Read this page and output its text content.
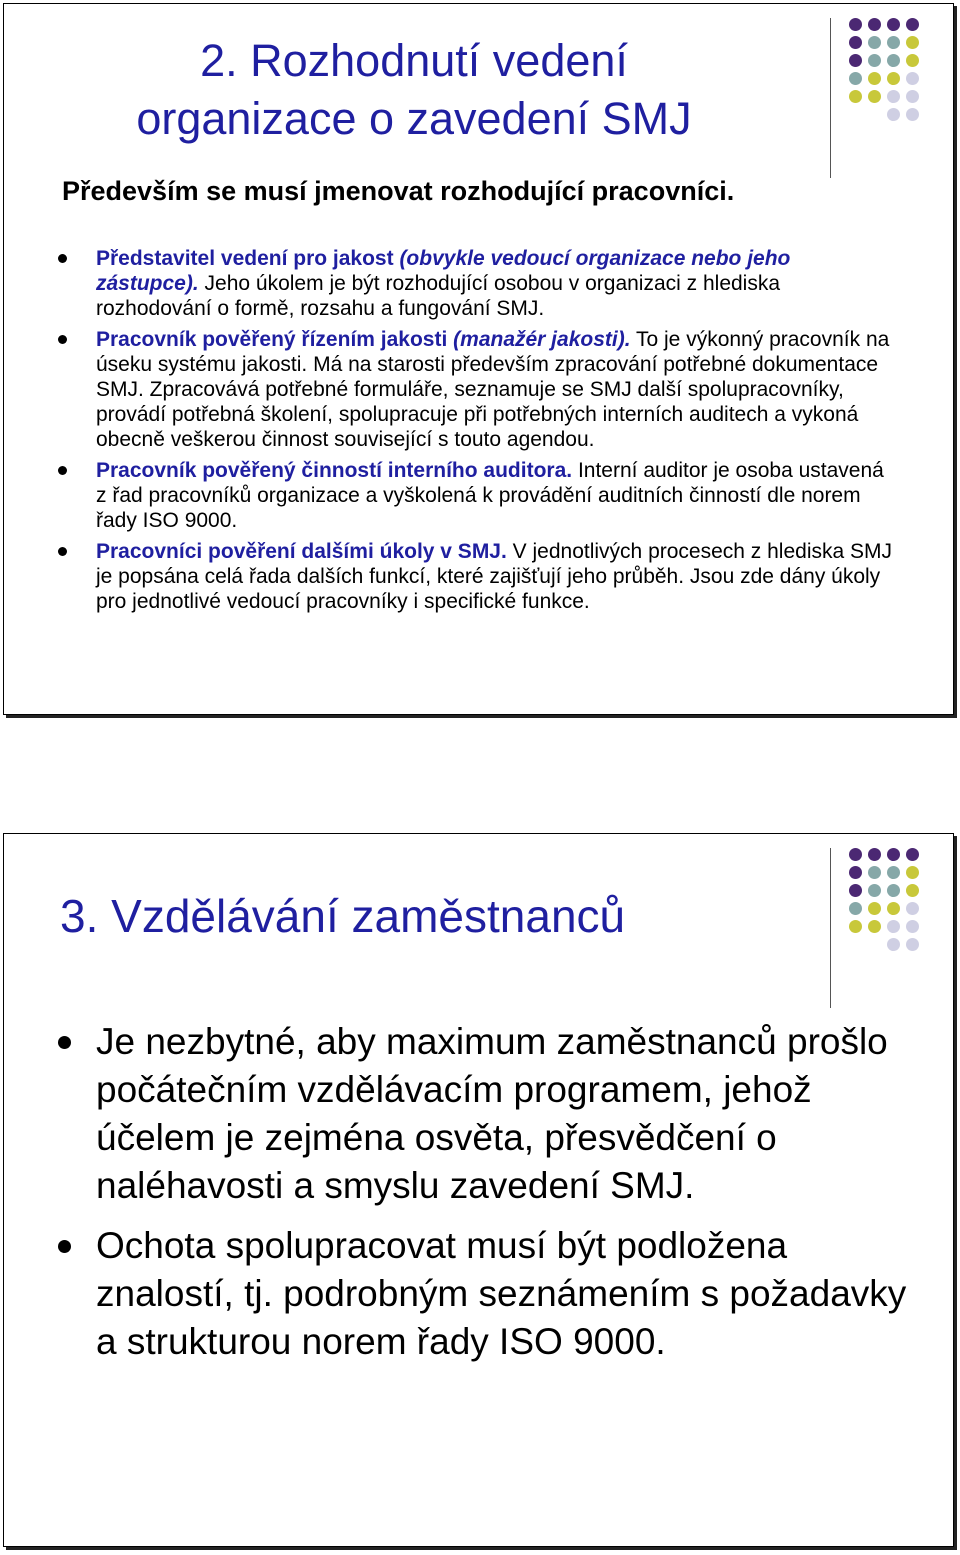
2. Rozhodnutí vedení
organizace o zavedení SMJ
Především se musí jmenovat rozhodující pracovníci.
Představitel vedení pro jakost (obvykle vedoucí organizace nebo jeho zástupce). Jeho úkolem je být rozhodující osobou v organizaci z hlediska rozhodování o formě, rozsahu a fungování SMJ.
Pracovník pověřený řízením jakosti (manažér jakosti). To je výkonný pracovník na úseku systému jakosti. Má na starosti především zpracování potřebné dokumentace SMJ. Zpracovává potřebné formuláře, seznamuje se SMJ další spolupracovníky, provádí potřebná školení, spolupracuje při potřebných interních auditech a vykoná obecně veškerou činnost související s touto agendou.
Pracovník pověřený činností interního auditora. Interní auditor je osoba ustavená z řad pracovníků organizace a vyškolená k provádění auditních činností dle norem řady ISO 9000.
Pracovníci pověření dalšími úkoly v SMJ. V jednotlivých procesech z hlediska SMJ je popsána celá řada dalších funkcí, které zajišťují jeho průběh. Jsou zde dány úkoly pro jednotlivé vedoucí pracovníky i specifické funkce.
3. Vzdělávání zaměstnanců
Je nezbytné, aby maximum zaměstnanců prošlo počátečním vzdělávacím programem, jehož účelem je zejména osvěta, přesvědčení o naléhavosti a smyslu zavedení SMJ.
Ochota spolupracovat musí být podložena znalostí, tj. podrobným seznámením s požadavky a strukturou norem řady ISO 9000.
